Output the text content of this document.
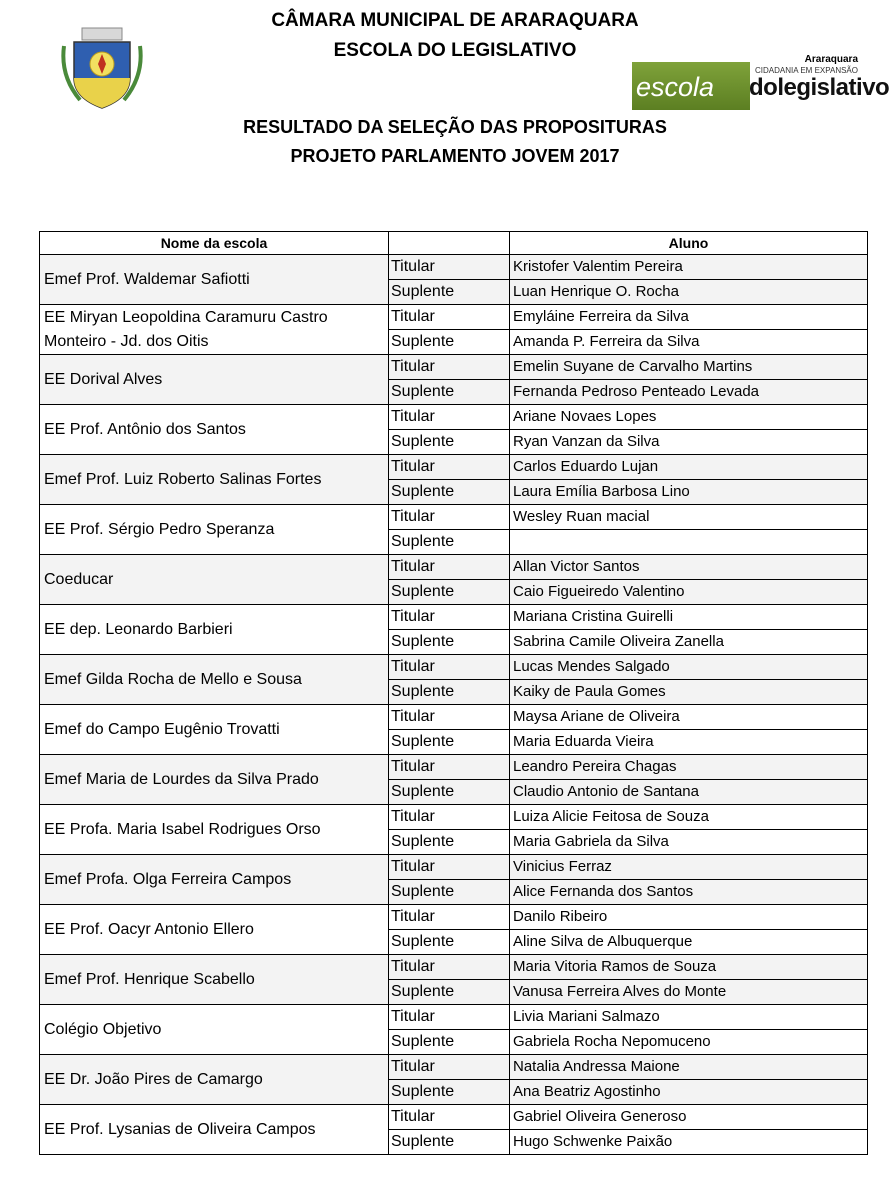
CÂMARA MUNICIPAL DE ARARAQUARA
ESCOLA DO LEGISLATIVO	Araraquara
CIDADANIA EM EXPANSÃO
escola dolegislativo
RESULTADO DA SELEÇÃO DAS PROPOSITURAS
PROJETO PARLAMENTO JOVEM 2017
Nome da escola		Aluno
Emef Prof. Waldemar Safiotti	Titular	Kristofer Valentim Pereira
	Suplente	Luan Henrique O. Rocha
EE Miryan Leopoldina Caramuru Castro Monteiro - Jd. dos Oitis	Titular	Emyláine Ferreira da Silva
	Suplente	Amanda P. Ferreira da Silva
EE Dorival Alves	Titular	Emelin Suyane de Carvalho Martins
	Suplente	Fernanda Pedroso Penteado Levada
EE Prof. Antônio dos Santos	Titular	Ariane Novaes Lopes
	Suplente	Ryan Vanzan da Silva
Emef Prof. Luiz Roberto Salinas Fortes	Titular	Carlos Eduardo Lujan
	Suplente	Laura Emília Barbosa Lino
EE Prof. Sérgio Pedro Speranza	Titular	Wesley Ruan macial
	Suplente	
Coeducar	Titular	Allan Victor Santos
	Suplente	Caio Figueiredo Valentino
EE dep. Leonardo Barbieri	Titular	Mariana Cristina Guirelli
	Suplente	Sabrina Camile Oliveira Zanella
Emef Gilda Rocha de Mello e Sousa	Titular	Lucas Mendes Salgado
	Suplente	Kaiky de Paula Gomes
Emef do Campo Eugênio Trovatti	Titular	Maysa Ariane de Oliveira
	Suplente	Maria Eduarda Vieira
Emef Maria de Lourdes da Silva Prado	Titular	Leandro Pereira Chagas
	Suplente	Claudio Antonio de Santana
EE Profa. Maria Isabel Rodrigues Orso	Titular	Luiza Alicie Feitosa de Souza
	Suplente	Maria Gabriela da Silva
Emef Profa. Olga Ferreira Campos	Titular	Vinicius Ferraz
	Suplente	Alice Fernanda dos Santos
EE Prof. Oacyr Antonio Ellero	Titular	Danilo Ribeiro
	Suplente	Aline Silva de Albuquerque
Emef Prof. Henrique Scabello	Titular	Maria Vitoria Ramos de Souza
	Suplente	Vanusa Ferreira Alves do Monte
Colégio Objetivo	Titular	Livia Mariani Salmazo
	Suplente	Gabriela Rocha Nepomuceno
EE Dr. João Pires de Camargo	Titular	Natalia Andressa Maione
	Suplente	Ana Beatriz Agostinho
EE Prof. Lysanias de Oliveira Campos	Titular	Gabriel Oliveira Generoso
	Suplente	Hugo Schwenke Paixão
